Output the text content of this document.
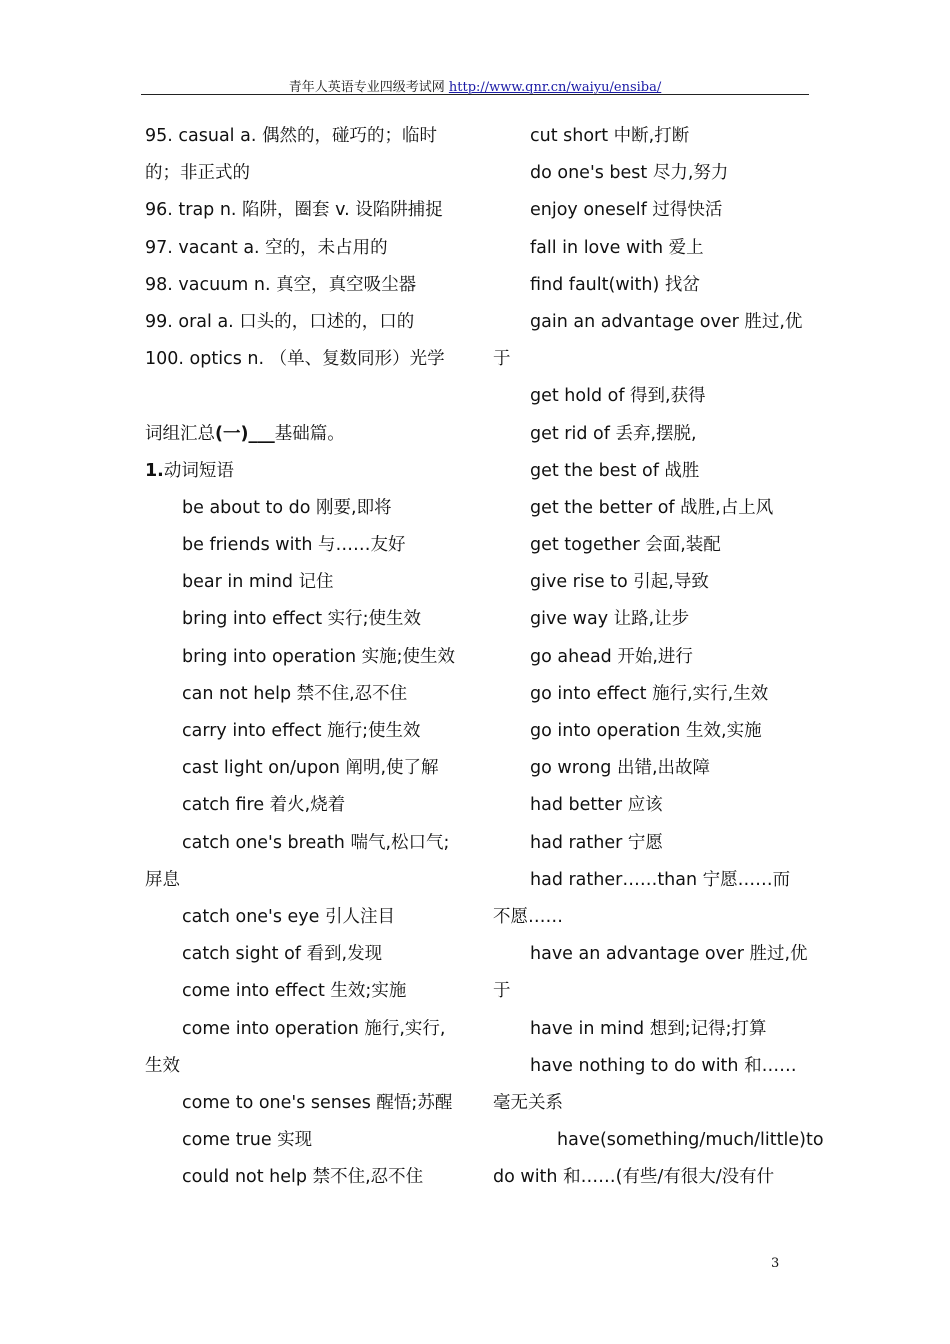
青年人英语专业四级考试网 http://www.qnr.cn/waiyu/ensiba/
95. casual a. 偶然的，碰巧的；临时
的；非正式的
96. trap n. 陷阱，圈套 v. 设陷阱捕捉
97. vacant a. 空的，未占用的
98. vacuum n. 真空，真空吸尘器
99. oral a. 口头的，口述的，口的
100. optics n. （单、复数同形）光学
词组汇总(一)___基础篇。
1.动词短语
be about to do 刚要,即将
be friends with 与……友好
bear in mind 记住
bring into effect 实行;使生效
bring into operation 实施;使生效
can not help 禁不住,忍不住
carry into effect 施行;使生效
cast light on/upon 阐明,使了解
catch fire 着火,烧着
catch one's breath 喘气,松口气;
屏息
catch one's eye 引人注目
catch sight of 看到,发现
come into effect 生效;实施
come into operation 施行,实行,
生效
come to one's senses 醒悟;苏醒
come true 实现
could not help 禁不住,忍不住
cut short 中断,打断
do one's best 尽力,努力
enjoy oneself 过得快活
fall in love with 爱上
find fault(with) 找岔
gain an advantage over 胜过,优
于
get hold of 得到,获得
get rid of 丢弃,摆脱,
get the best of 战胜
get the better of 战胜,占上风
get together 会面,装配
give rise to 引起,导致
give way 让路,让步
go ahead 开始,进行
go into effect 施行,实行,生效
go into operation 生效,实施
go wrong 出错,出故障
had better 应该
had rather 宁愿
had rather……than 宁愿……而
不愿……
have an advantage over 胜过,优
于
have in mind 想到;记得;打算
have nothing to do with 和……
毫无关系
have(something/much/little)to
do with 和……(有些/有很大/没有什
3
